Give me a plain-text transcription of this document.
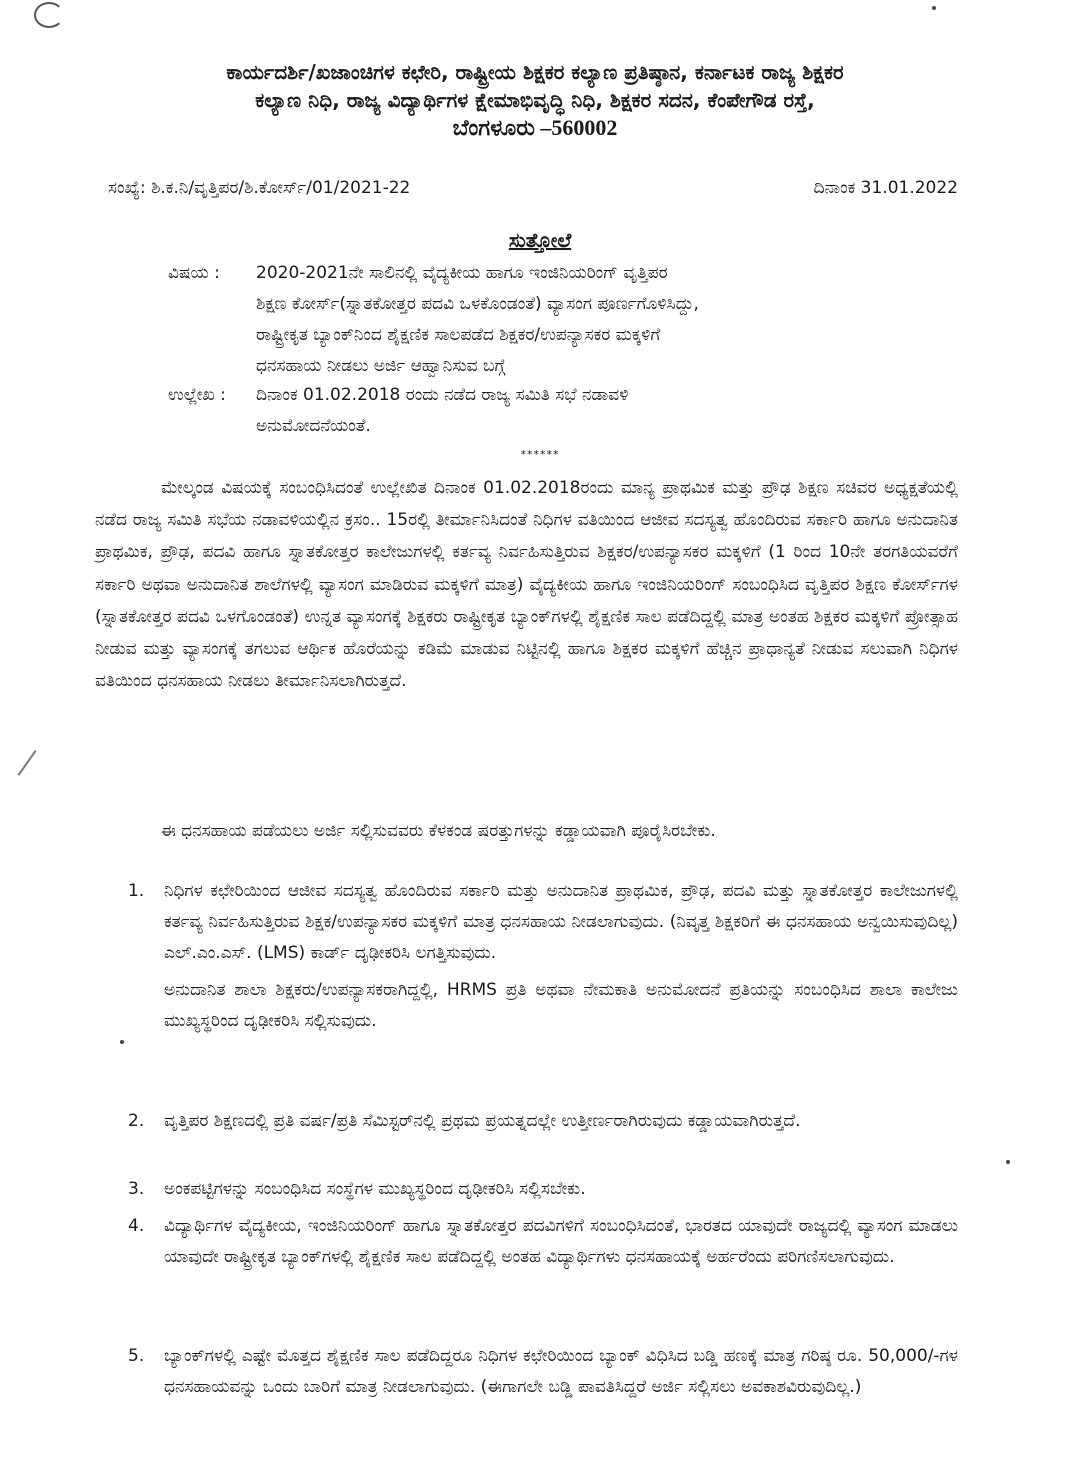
ಕಾರ್ಯದರ್ಶಿ/ಖಜಾಂಚಿಗಳ ಕಛೇರಿ, ರಾಷ್ಟ್ರೀಯ ಶಿಕ್ಷಕರ ಕಲ್ಯಾಣ ಪ್ರತಿಷ್ಠಾನ, ಕರ್ನಾಟಕ ರಾಜ್ಯ ಶಿಕ್ಷಕರ
ಕಲ್ಯಾಣ ನಿಧಿ, ರಾಜ್ಯ ವಿದ್ಯಾರ್ಥಿಗಳ ಕ್ಷೇಮಾಭಿವೃದ್ಧಿ ನಿಧಿ, ಶಿಕ್ಷಕರ ಸದನ, ಕೆಂಪೇಗೌಡ ರಸ್ತೆ,
ಬೆಂಗಳೂರು –560002
ಸಂಖ್ಯೆ: ಶಿ.ಕ.ನಿ/ವೃತ್ತಿಪರ/ಶಿ.ಕೋರ್ಸ್/01/2021-22	ದಿನಾಂಕ 31.01.2022
ಸುತ್ತೋಲೆ
ವಿಷಯ : 2020-2021ನೇ ಸಾಲಿನಲ್ಲಿ ವೈದ್ಯಕೀಯ ಹಾಗೂ ಇಂಜಿನಿಯರಿಂಗ್ ವೃತ್ತಿಪರ
ಶಿಕ್ಷಣ ಕೋರ್ಸ್(ಸ್ನಾತಕೋತ್ತರ ಪದವಿ ಒಳಕೊಂಡಂತೆ) ವ್ಯಾಸಂಗ ಪೂರ್ಣಗೊಳಿಸಿದ್ದು,
ರಾಷ್ಟ್ರೀಕೃತ ಬ್ಯಾಂಕ್‌ನಿಂದ ಶೈಕ್ಷಣಿಕ ಸಾಲಪಡೆದ ಶಿಕ್ಷಕರ/ಉಪನ್ಯಾಸಕರ ಮಕ್ಕಳಿಗೆ
ಧನಸಹಾಯ ನೀಡಲು ಅರ್ಜಿ ಆಹ್ವಾನಿಸುವ ಬಗ್ಗೆ
ಉಲ್ಲೇಖ : ದಿನಾಂಕ 01.02.2018 ರಂದು ನಡೆದ ರಾಜ್ಯ ಸಮಿತಿ ಸಭೆ ನಡಾವಳಿ
ಅನುಮೋದನೆಯಂತೆ.
******
ಮೇಲ್ಕಂಡ ವಿಷಯಕ್ಕೆ ಸಂಬಂಧಿಸಿದಂತೆ ಉಲ್ಲೇಖಿತ ದಿನಾಂಕ 01.02.2018ರಂದು ಮಾನ್ಯ ಪ್ರಾಥಮಿಕ ಮತ್ತು ಪ್ರೌಢ ಶಿಕ್ಷಣ ಸಚಿವರ ಅಧ್ಯಕ್ಷತೆಯಲ್ಲಿ ನಡೆದ ರಾಜ್ಯ ಸಮಿತಿ ಸಭೆಯ ನಡಾವಳಿಯಲ್ಲಿನ ಕ್ರಸಂ.. 15ರಲ್ಲಿ ತೀರ್ಮಾನಿಸಿದಂತೆ ನಿಧಿಗಳ ವತಿಯಿಂದ ಆಜೀವ ಸದಸ್ಯತ್ವ ಹೊಂದಿರುವ ಸರ್ಕಾರಿ ಹಾಗೂ ಅನುದಾನಿತ ಪ್ರಾಥಮಿಕ, ಪ್ರೌಢ, ಪದವಿ ಹಾಗೂ ಸ್ನಾತಕೋತ್ತರ ಕಾಲೇಜುಗಳಲ್ಲಿ ಕರ್ತವ್ಯ ನಿರ್ವಹಿಸುತ್ತಿರುವ ಶಿಕ್ಷಕರ/ಉಪನ್ಯಾಸಕರ ಮಕ್ಕಳಿಗೆ (1 ರಿಂದ 10ನೇ ತರಗತಿಯವರೆಗೆ ಸರ್ಕಾರಿ ಅಥವಾ ಅನುದಾನಿತ ಶಾಲೆಗಳಲ್ಲಿ ವ್ಯಾಸಂಗ ಮಾಡಿರುವ ಮಕ್ಕಳಿಗೆ ಮಾತ್ರ) ವೈದ್ಯಕೀಯ ಹಾಗೂ ಇಂಜಿನಿಯರಿಂಗ್ ಸಂಬಂಧಿಸಿದ ವೃತ್ತಿಪರ ಶಿಕ್ಷಣ ಕೋರ್ಸ್‌ಗಳ (ಸ್ನಾತಕೋತ್ತರ ಪದವಿ ಒಳಗೊಂಡಂತೆ) ಉನ್ನತ ವ್ಯಾಸಂಗಕ್ಕೆ ಶಿಕ್ಷಕರು ರಾಷ್ಟ್ರೀಕೃತ ಬ್ಯಾಂಕ್‌ಗಳಲ್ಲಿ ಶೈಕ್ಷಣಿಕ ಸಾಲ ಪಡೆದಿದ್ದಲ್ಲಿ ಮಾತ್ರ ಅಂತಹ ಶಿಕ್ಷಕರ ಮಕ್ಕಳಿಗೆ ಪ್ರೋತ್ಸಾಹ ನೀಡುವ ಮತ್ತು ವ್ಯಾಸಂಗಕ್ಕೆ ತಗಲುವ ಆರ್ಥಿಕ ಹೊರೆಯನ್ನು ಕಡಿಮೆ ಮಾಡುವ ನಿಟ್ಟಿನಲ್ಲಿ ಹಾಗೂ ಶಿಕ್ಷಕರ ಮಕ್ಕಳಿಗೆ ಹೆಚ್ಚಿನ ಪ್ರಾಧಾನ್ಯತೆ ನೀಡುವ ಸಲುವಾಗಿ ನಿಧಿಗಳ ವತಿಯಿಂದ ಧನಸಹಾಯ ನೀಡಲು ತೀರ್ಮಾನಿಸಲಾಗಿರುತ್ತದೆ.
ಈ ಧನಸಹಾಯ ಪಡೆಯಲು ಅರ್ಜಿ ಸಲ್ಲಿಸುವವರು ಕೆಳಕಂಡ ಷರತ್ತುಗಳನ್ನು ಕಡ್ಡಾಯವಾಗಿ ಪೂರೈಸಿರಬೇಕು.
1. ನಿಧಿಗಳ ಕಛೇರಿಯಿಂದ ಆಜೀವ ಸದಸ್ಯತ್ವ ಹೊಂದಿರುವ ಸರ್ಕಾರಿ ಮತ್ತು ಅನುದಾನಿತ ಪ್ರಾಥಮಿಕ, ಪ್ರೌಢ, ಪದವಿ ಮತ್ತು ಸ್ನಾತಕೋತ್ತರ ಕಾಲೇಜುಗಳಲ್ಲಿ ಕರ್ತವ್ಯ ನಿರ್ವಹಿಸುತ್ತಿರುವ ಶಿಕ್ಷಕ/ಉಪನ್ಯಾಸಕರ ಮಕ್ಕಳಿಗೆ ಮಾತ್ರ ಧನಸಹಾಯ ನೀಡಲಾಗುವುದು. (ನಿವೃತ್ತ ಶಿಕ್ಷಕರಿಗೆ ಈ ಧನಸಹಾಯ ಅನ್ವಯಿಸುವುದಿಲ್ಲ) ಎಲ್.ಎಂ.ಎಸ್. (LMS) ಕಾರ್ಡ್ ದೃಢೀಕರಿಸಿ ಲಗತ್ತಿಸುವುದು.
ಅನುದಾನಿತ ಶಾಲಾ ಶಿಕ್ಷಕರು/ಉಪನ್ಯಾಸಕರಾಗಿದ್ದಲ್ಲಿ, HRMS ಪ್ರತಿ ಅಥವಾ ನೇಮಕಾತಿ ಅನುಮೋದನೆ ಪ್ರತಿಯನ್ನು ಸಂಬಂಧಿಸಿದ ಶಾಲಾ ಕಾಲೇಜು ಮುಖ್ಯಸ್ಥರಿಂದ ದೃಢೀಕರಿಸಿ ಸಲ್ಲಿಸುವುದು.
2. ವೃತ್ತಿಪರ ಶಿಕ್ಷಣದಲ್ಲಿ ಪ್ರತಿ ವರ್ಷ/ಪ್ರತಿ ಸೆಮಿಸ್ಟರ್‌ನಲ್ಲಿ ಪ್ರಥಮ ಪ್ರಯತ್ನದಲ್ಲೇ ಉತ್ತೀರ್ಣರಾಗಿರುವುದು ಕಡ್ಡಾಯವಾಗಿರುತ್ತದೆ.
3. ಅಂಕಪಟ್ಟಿಗಳನ್ನು ಸಂಬಂಧಿಸಿದ ಸಂಸ್ಥೆಗಳ ಮುಖ್ಯಸ್ಥರಿಂದ ದೃಢೀಕರಿಸಿ ಸಲ್ಲಿಸಬೇಕು.
4. ವಿದ್ಯಾರ್ಥಿಗಳ ವೈದ್ಯಕೀಯ, ಇಂಜಿನಿಯರಿಂಗ್ ಹಾಗೂ ಸ್ನಾತಕೋತ್ತರ ಪದವಿಗಳಿಗೆ ಸಂಬಂಧಿಸಿದಂತೆ, ಭಾರತದ ಯಾವುದೇ ರಾಜ್ಯದಲ್ಲಿ ವ್ಯಾಸಂಗ ಮಾಡಲು ಯಾವುದೇ ರಾಷ್ಟ್ರೀಕೃತ ಬ್ಯಾಂಕ್‌ಗಳಲ್ಲಿ ಶೈಕ್ಷಣಿಕ ಸಾಲ ಪಡೆದಿದ್ದಲ್ಲಿ ಅಂತಹ ವಿದ್ಯಾರ್ಥಿಗಳು ಧನಸಹಾಯಕ್ಕೆ ಅರ್ಹರೆಂದು ಪರಿಗಣಿಸಲಾಗುವುದು.
5. ಬ್ಯಾಂಕ್‌ಗಳಲ್ಲಿ ಎಷ್ಟೇ ಮೊತ್ತದ ಶೈಕ್ಷಣಿಕ ಸಾಲ ಪಡೆದಿದ್ದರೂ ನಿಧಿಗಳ ಕಛೇರಿಯಿಂದ ಬ್ಯಾಂಕ್ ವಿಧಿಸಿದ ಬಡ್ಡಿ ಹಣಕ್ಕೆ ಮಾತ್ರ ಗರಿಷ್ಠ ರೂ. 50,000/-ಗಳ ಧನಸಹಾಯವನ್ನು ಒಂದು ಬಾರಿಗೆ ಮಾತ್ರ ನೀಡಲಾಗುವುದು. (ಈಗಾಗಲೇ ಬಡ್ಡಿ ಪಾವತಿಸಿದ್ದರೆ ಅರ್ಜಿ ಸಲ್ಲಿಸಲು ಅವಕಾಶವಿರುವುದಿಲ್ಲ.)
